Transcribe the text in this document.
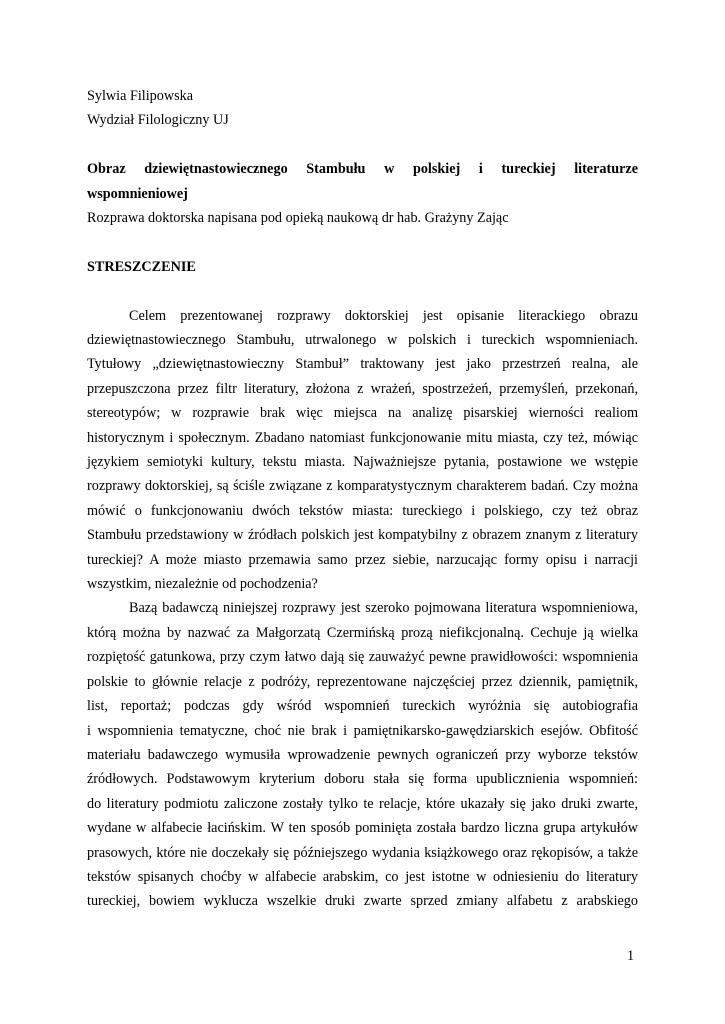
Sylwia Filipowska

Wydział Filologiczny UJ

Obraz dziewiętnastowiecznego Stambułu w polskiej i tureckiej literaturze

wspomnieniowej

Rozprawa doktorska napisana pod opieką naukową dr hab. Grażyny Zając

STRESZCZENIE

Celem prezentowanej rozprawy doktorskiej jest opisanie literackiego obrazu

dziewiętnastowiecznego Stambułu, utrwalonego w polskich i tureckich wspomnieniach.

Tytułowy „dziewiętnastowieczny Stambuł” traktowany jest jako przestrzeń realna, ale

przepuszczona przez filtr literatury, złożona z wrażeń, spostrzeżeń, przemyśleń, przekonań,

stereotypów; w rozprawie brak więc miejsca na analizę pisarskiej wierności realiom

historycznym i społecznym. Zbadano natomiast funkcjonowanie mitu miasta, czy też, mówiąc

językiem semiotyki kultury, tekstu miasta. Najważniejsze pytania, postawione we wstępie

rozprawy doktorskiej, są ściśle związane z komparatystycznym charakterem badań. Czy można

mówić o funkcjonowaniu dwóch tekstów miasta: tureckiego i polskiego, czy też obraz

Stambułu przedstawiony w źródłach polskich jest kompatybilny z obrazem znanym z literatury

tureckiej? A może miasto przemawia samo przez siebie, narzucając formy opisu i narracji

wszystkim, niezależnie od pochodzenia?

Bazą badawczą niniejszej rozprawy jest szeroko pojmowana literatura wspomnieniowa,

którą można by nazwać za Małgorzatą Czermińską prozą niefikcjonalną. Cechuje ją wielka

rozpiętość gatunkowa, przy czym łatwo dają się zauważyć pewne prawidłowości: wspomnienia

polskie to głównie relacje z podróży, reprezentowane najczęściej przez dziennik, pamiętnik,

list, reportaż; podczas gdy wśród wspomnień tureckich wyróżnia się autobiografia

i wspomnienia tematyczne, choć nie brak i pamiętnikarsko-gawędziarskich esejów. Obfitość

materiału badawczego wymusiła wprowadzenie pewnych ograniczeń przy wyborze tekstów

źródłowych. Podstawowym kryterium doboru stała się forma upublicznienia wspomnień:

do literatury podmiotu zaliczone zostały tylko te relacje, które ukazały się jako druki zwarte,

wydane w alfabecie łacińskim. W ten sposób pominięta została bardzo liczna grupa artykułów

prasowych, które nie doczekały się późniejszego wydania książkowego oraz rękopisów, a także

tekstów spisanych choćby w alfabecie arabskim, co jest istotne w odniesieniu do literatury

tureckiej, bowiem wyklucza wszelkie druki zwarte sprzed zmiany alfabetu z arabskiego

1
